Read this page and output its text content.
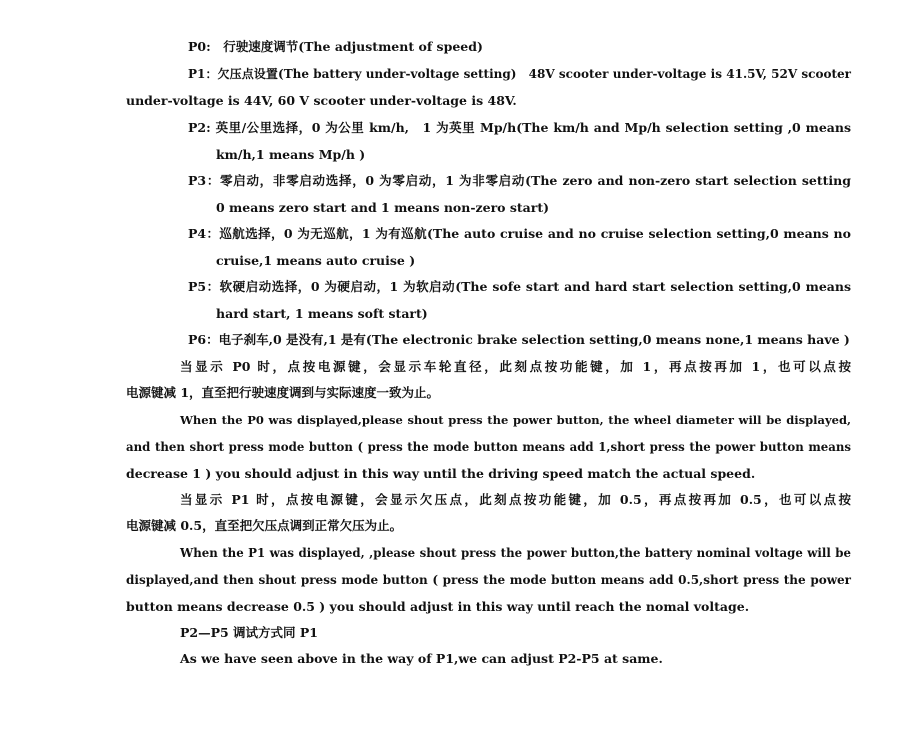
P0:　行驶速度调节(The adjustment of speed)
P1：欠压点设置(The battery under-voltage setting)　48V scooter under-voltage is 41.5V, 52V scooter
under-voltage is 44V, 60 V scooter under-voltage is 48V.
P2: 英里/公里选择，0 为公里 km/h,　1 为英里 Mp/h(The km/h and Mp/h selection setting ,0 means
km/h,1 means Mp/h )
P3：零启动，非零启动选择，0 为零启动，1 为非零启动(The zero and non-zero start selection setting
0 means zero start and 1 means non-zero start)
P4：巡航选择，0 为无巡航，1 为有巡航(The auto cruise and no cruise selection setting,0 means no
cruise,1 means auto cruise )
P5：软硬启动选择，0 为硬启动，1 为软启动(The sofe start and hard start selection setting,0 means
hard start, 1 means soft start)
P6：电子刹车,0 是没有,1 是有(The electronic brake selection setting,0 means none,1 means have )
当显示 P0 时，点按电源键，会显示车轮直径，此刻点按功能键，加 1，再点按再加 1，也可以点按
电源键减 1，直至把行驶速度调到与实际速度一致为止。
When the P0 was displayed,please shout press the power button, the wheel diameter will be displayed,
and then short press mode button ( press the mode button means add 1,short press the power button means
decrease 1 ) you should adjust in this way until the driving speed match the actual speed.
当显示 P1 时，点按电源键，会显示欠压点，此刻点按功能键，加 0.5，再点按再加 0.5，也可以点按
电源键减 0.5，直至把欠压点调到正常欠压为止。
When the P1 was displayed, ,please shout press the power button,the battery nominal voltage will be
displayed,and then shout press mode button ( press the mode button means add 0.5,short press the power
button means decrease 0.5 ) you should adjust in this way until reach the nomal voltage.
P2—P5 调试方式同 P1
As we have seen above in the way of P1,we can adjust P2-P5 at same.
